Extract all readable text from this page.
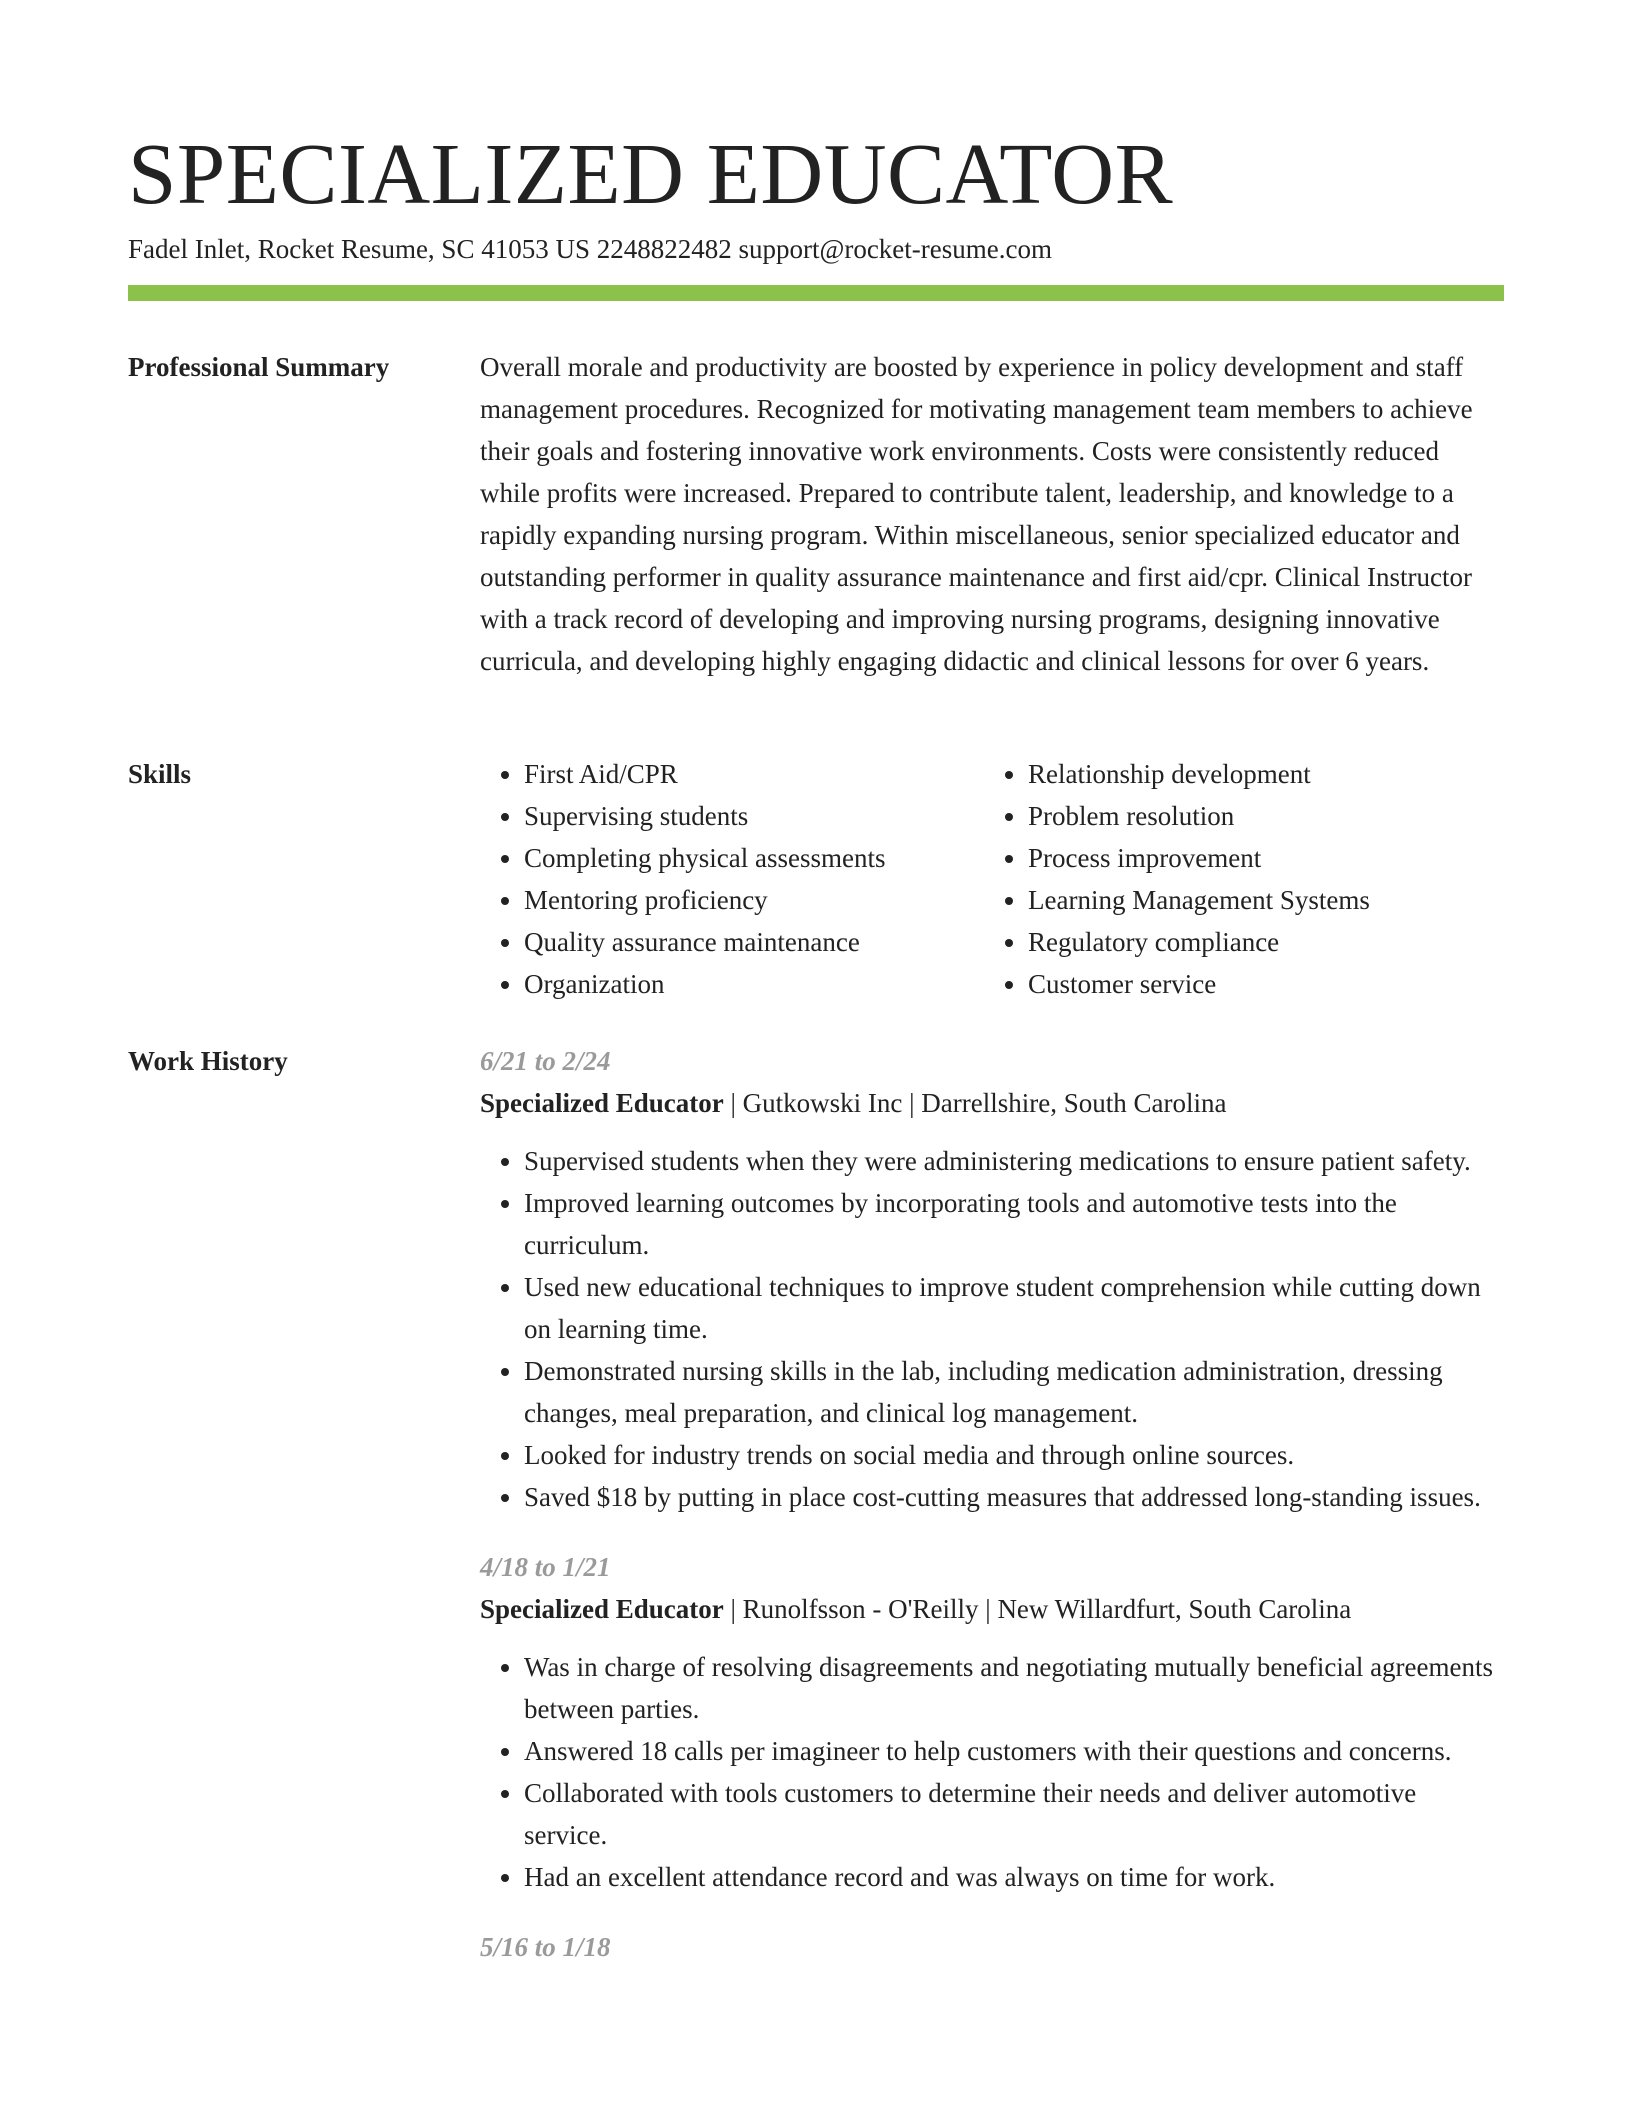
SPECIALIZED EDUCATOR
Fadel Inlet, Rocket Resume, SC 41053 US 2248822482 support@rocket-resume.com
Professional Summary	Overall morale and productivity are boosted by experience in policy development and staff management procedures. Recognized for motivating management team members to achieve their goals and fostering innovative work environments. Costs were consistently reduced while profits were increased. Prepared to contribute talent, leadership, and knowledge to a rapidly expanding nursing program. Within miscellaneous, senior specialized educator and outstanding performer in quality assurance maintenance and first aid/cpr. Clinical Instructor with a track record of developing and improving nursing programs, designing innovative curricula, and developing highly engaging didactic and clinical lessons for over 6 years.

Skills
•	First Aid/CPR
• Supervising students
• Completing physical assessments
• Mentoring proficiency
• Quality assurance maintenance
• Organization
• Relationship development
• Problem resolution
• Process improvement
• Learning Management Systems
• Regulatory compliance
• Customer service
Work History	6/21 to 2/24
Specialized Educator | Gutkowski Inc | Darrellshire, South Carolina
• Supervised students when they were administering medications to ensure patient safety.
• Improved learning outcomes by incorporating tools and automotive tests into the curriculum.
• Used new educational techniques to improve student comprehension while cutting down on learning time.
• Demonstrated nursing skills in the lab, including medication administration, dressing changes, meal preparation, and clinical log management.
• Looked for industry trends on social media and through online sources.
• Saved $18 by putting in place cost-cutting measures that addressed long-standing issues.
4/18 to 1/21
Specialized Educator | Runolfsson - O'Reilly | New Willardfurt, South Carolina
• Was in charge of resolving disagreements and negotiating mutually beneficial agreements between parties.
• Answered 18 calls per imagineer to help customers with their questions and concerns.
• Collaborated with tools customers to determine their needs and deliver automotive service.
• Had an excellent attendance record and was always on time for work.
5/16 to 1/18
